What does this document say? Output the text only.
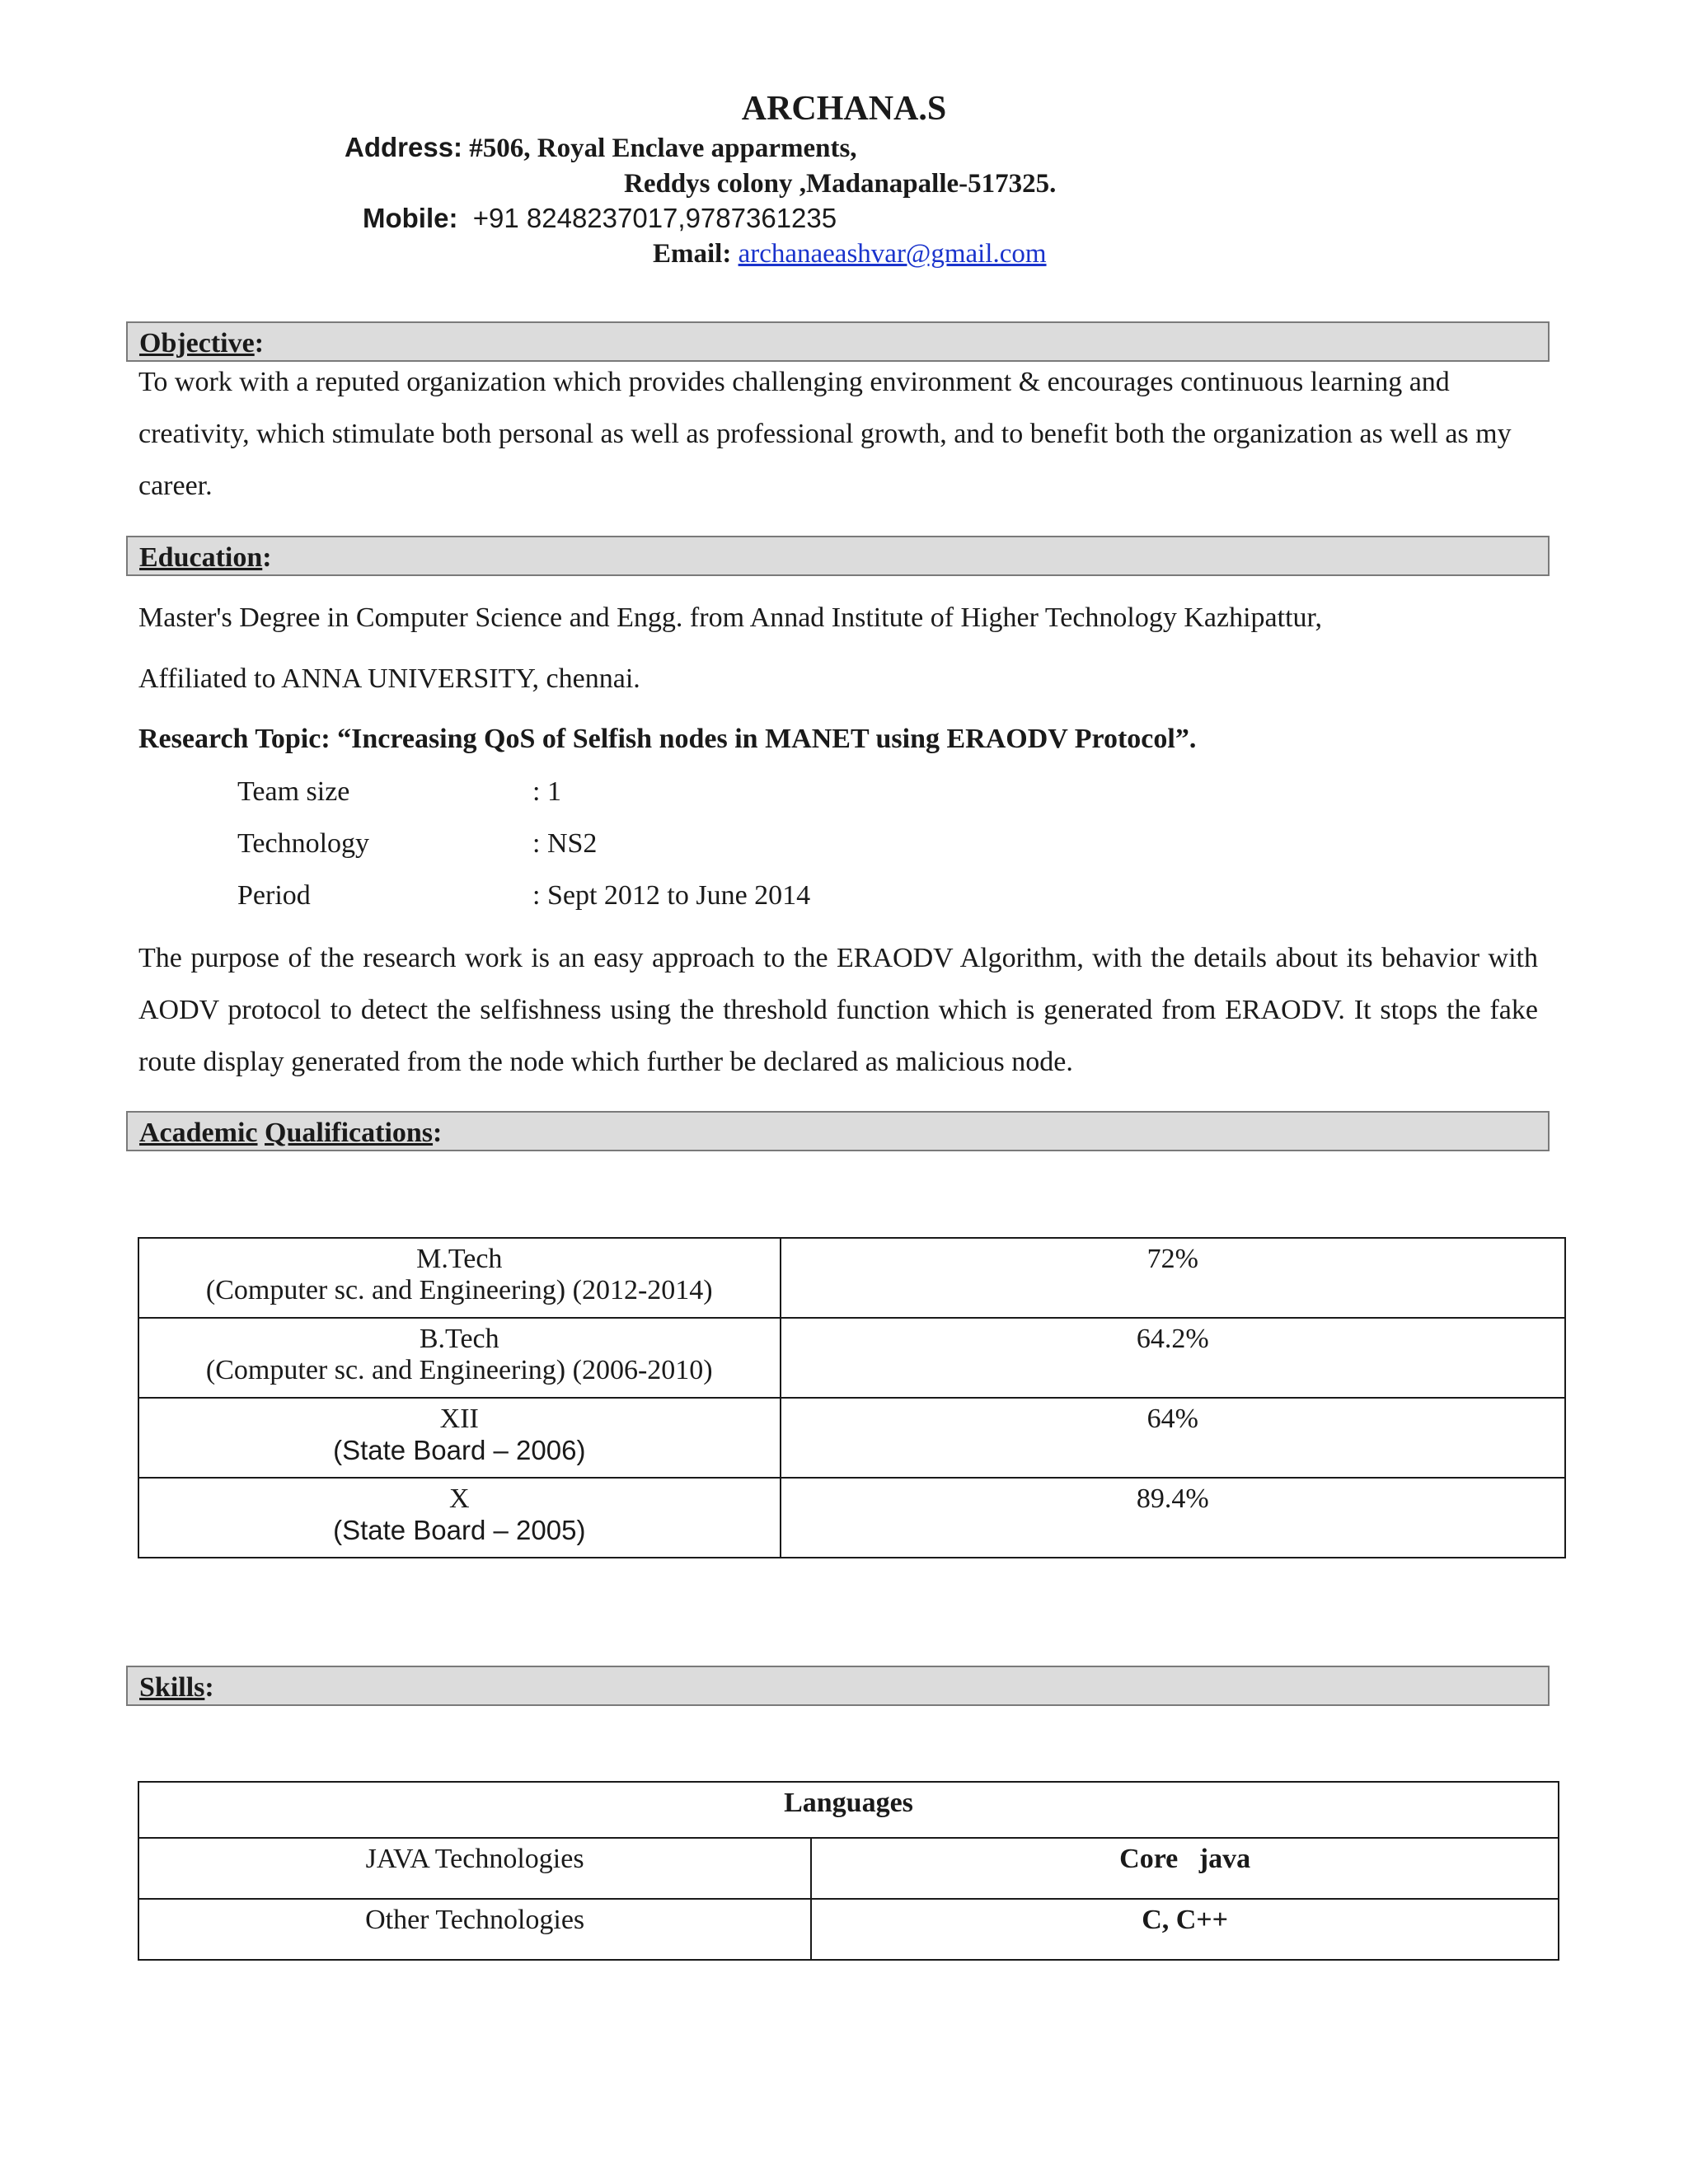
ARCHANA.S
Address: #506, Royal Enclave apparments,
Reddys colony ,Madanapalle-517325.
Mobile: +91 8248237017,9787361235
Email: archanaeashvar@gmail.com
Objective:
To work with a reputed organization which provides challenging environment & encourages continuous learning and creativity, which stimulate both personal as well as professional growth, and to benefit both the organization as well as my career.
Education:
Master's Degree in Computer Science and Engg. from Annad Institute of Higher Technology Kazhipattur,
Affiliated to ANNA UNIVERSITY, chennai.
Research Topic: “Increasing QoS of Selfish nodes in MANET using ERAODV Protocol”.
Team size	: 1
Technology	: NS2
Period	: Sept 2012 to June 2014
The purpose of the research work is an easy approach to the ERAODV Algorithm, with the details about its behavior with AODV protocol to detect the selfishness using the threshold function which is generated from ERAODV. It stops the fake route display generated from the node which further be declared as malicious node.
Academic Qualifications:
M.Tech
(Computer sc. and Engineering) (2012-2014)	72%

B.Tech
(Computer sc. and Engineering) (2006-2010)	64.2%

XII
(State Board – 2006)	64%

X
(State Board – 2005)	89.4%
Skills:
Languages	
JAVA Technologies	Core   java
Other Technologies	C, C++
